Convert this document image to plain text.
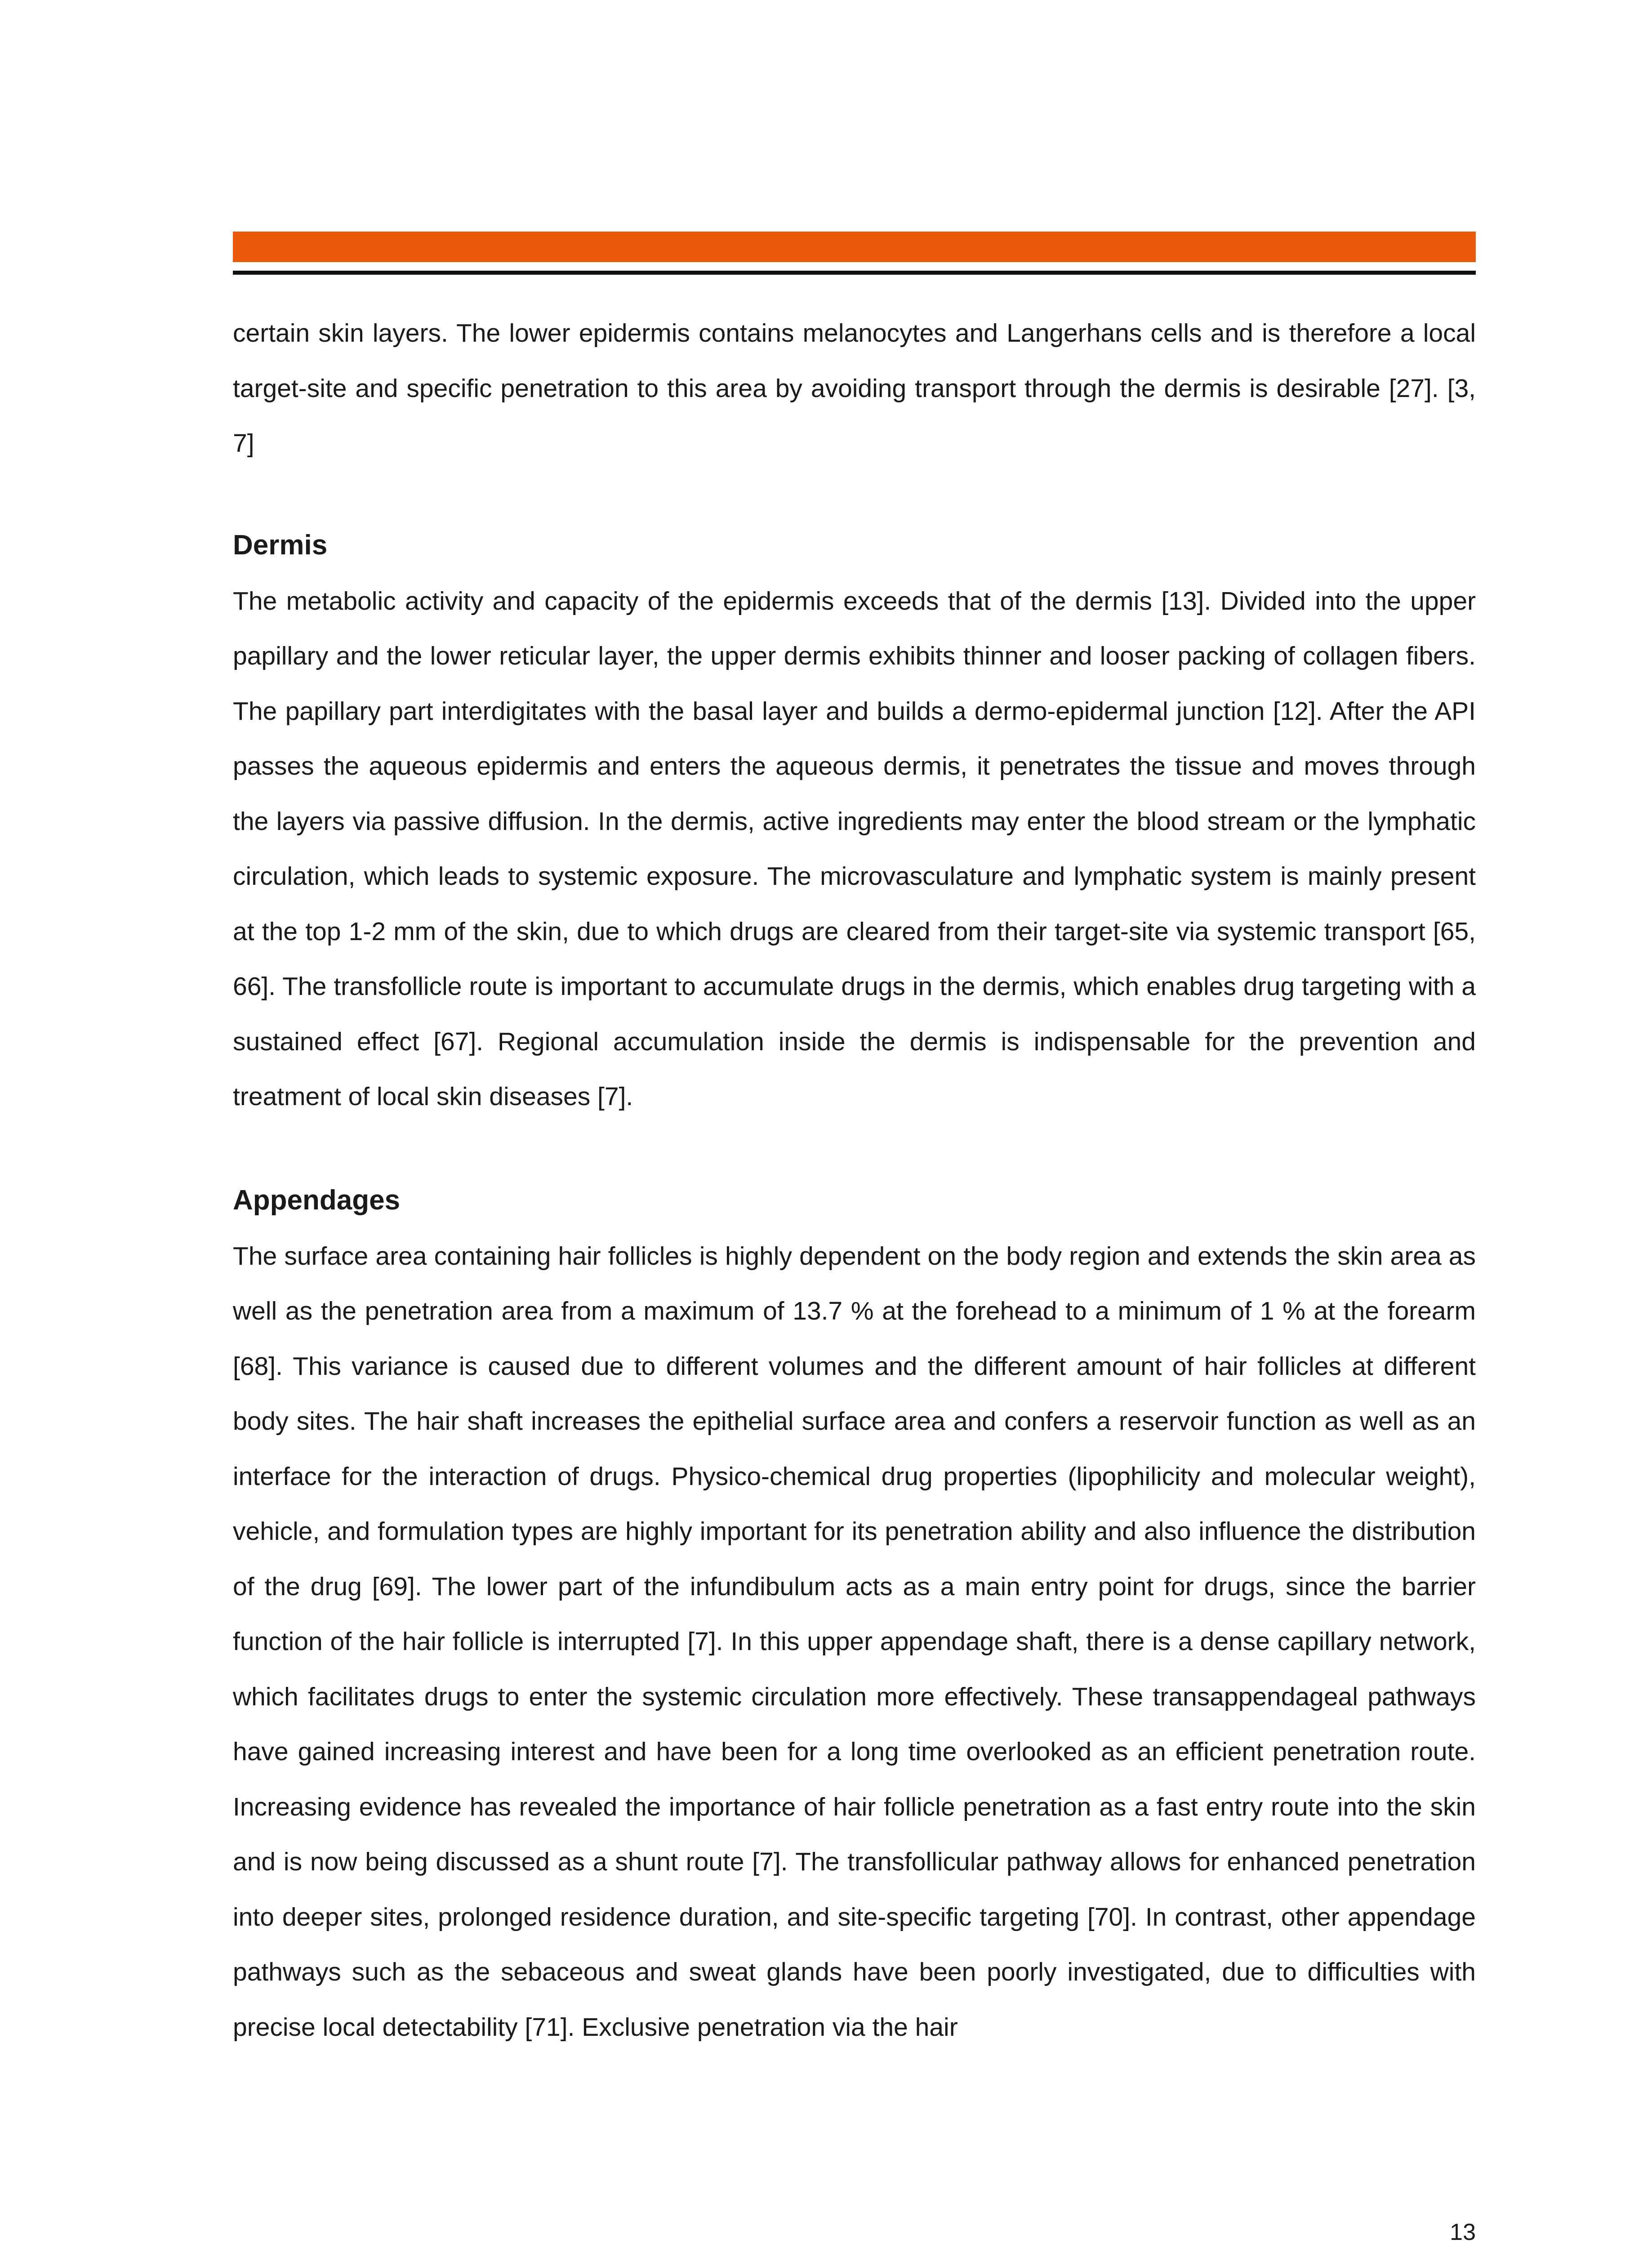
certain skin layers. The lower epidermis contains melanocytes and Langerhans cells and is therefore a local target-site and specific penetration to this area by avoiding transport through the dermis is desirable [27]. [3, 7]

Dermis

The metabolic activity and capacity of the epidermis exceeds that of the dermis [13]. Divided into the upper papillary and the lower reticular layer, the upper dermis exhibits thinner and looser packing of collagen fibers. The papillary part interdigitates with the basal layer and builds a dermo-epidermal junction [12]. After the API passes the aqueous epidermis and enters the aqueous dermis, it penetrates the tissue and moves through the layers via passive diffusion. In the dermis, active ingredients may enter the blood stream or the lymphatic circulation, which leads to systemic exposure. The microvasculature and lymphatic system is mainly present at the top 1-2 mm of the skin, due to which drugs are cleared from their target-site via systemic transport [65, 66]. The transfollicle route is important to accumulate drugs in the dermis, which enables drug targeting with a sustained effect [67]. Regional accumulation inside the dermis is indispensable for the prevention and treatment of local skin diseases [7].

Appendages

The surface area containing hair follicles is highly dependent on the body region and extends the skin area as well as the penetration area from a maximum of 13.7 % at the forehead to a minimum of 1 % at the forearm [68]. This variance is caused due to different volumes and the different amount of hair follicles at different body sites. The hair shaft increases the epithelial surface area and confers a reservoir function as well as an interface for the interaction of drugs. Physico-chemical drug properties (lipophilicity and molecular weight), vehicle, and formulation types are highly important for its penetration ability and also influence the distribution of the drug [69]. The lower part of the infundibulum acts as a main entry point for drugs, since the barrier function of the hair follicle is interrupted [7]. In this upper appendage shaft, there is a dense capillary network, which facilitates drugs to enter the systemic circulation more effectively. These transappendageal pathways have gained increasing interest and have been for a long time overlooked as an efficient penetration route. Increasing evidence has revealed the importance of hair follicle penetration as a fast entry route into the skin and is now being discussed as a shunt route [7]. The transfollicular pathway allows for enhanced penetration into deeper sites, prolonged residence duration, and site-specific targeting [70]. In contrast, other appendage pathways such as the sebaceous and sweat glands have been poorly investigated, due to difficulties with precise local detectability [71]. Exclusive penetration via the hair

13
